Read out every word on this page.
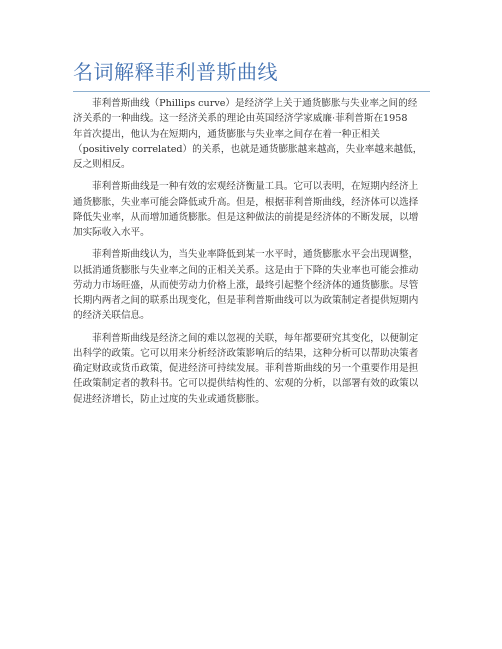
名词解释菲利普斯曲线

菲利普斯曲线（Phillips curve）是经济学上关于通货膨胀与失业率之间的经
济关系的一种曲线。这一经济关系的理论由英国经济学家威廉·菲利普斯在1958
年首次提出，他认为在短期内，通货膨胀与失业率之间存在着一种正相关
（positively correlated）的关系，也就是通货膨胀越来越高，失业率越来越低，
反之则相反。

菲利普斯曲线是一种有效的宏观经济衡量工具。它可以表明，在短期内经济上
通货膨胀，失业率可能会降低或升高。但是，根据菲利普斯曲线，经济体可以选择
降低失业率，从而增加通货膨胀。但是这种做法的前提是经济体的不断发展，以增
加实际收入水平。

菲利普斯曲线认为，当失业率降低到某一水平时，通货膨胀水平会出现调整，
以抵消通货膨胀与失业率之间的正相关关系。这是由于下降的失业率也可能会推动
劳动力市场旺盛，从而使劳动力价格上涨，最终引起整个经济体的通货膨胀。尽管
长期内两者之间的联系出现变化，但是菲利普斯曲线可以为政策制定者提供短期内
的经济关联信息。

菲利普斯曲线是经济之间的难以忽视的关联，每年都要研究其变化，以便制定
出科学的政策。它可以用来分析经济政策影响后的结果，这种分析可以帮助决策者
确定财政或货币政策，促进经济可持续发展。菲利普斯曲线的另一个重要作用是担
任政策制定者的教科书。它可以提供结构性的、宏观的分析，以部署有效的政策以
促进经济增长，防止过度的失业或通货膨胀。
